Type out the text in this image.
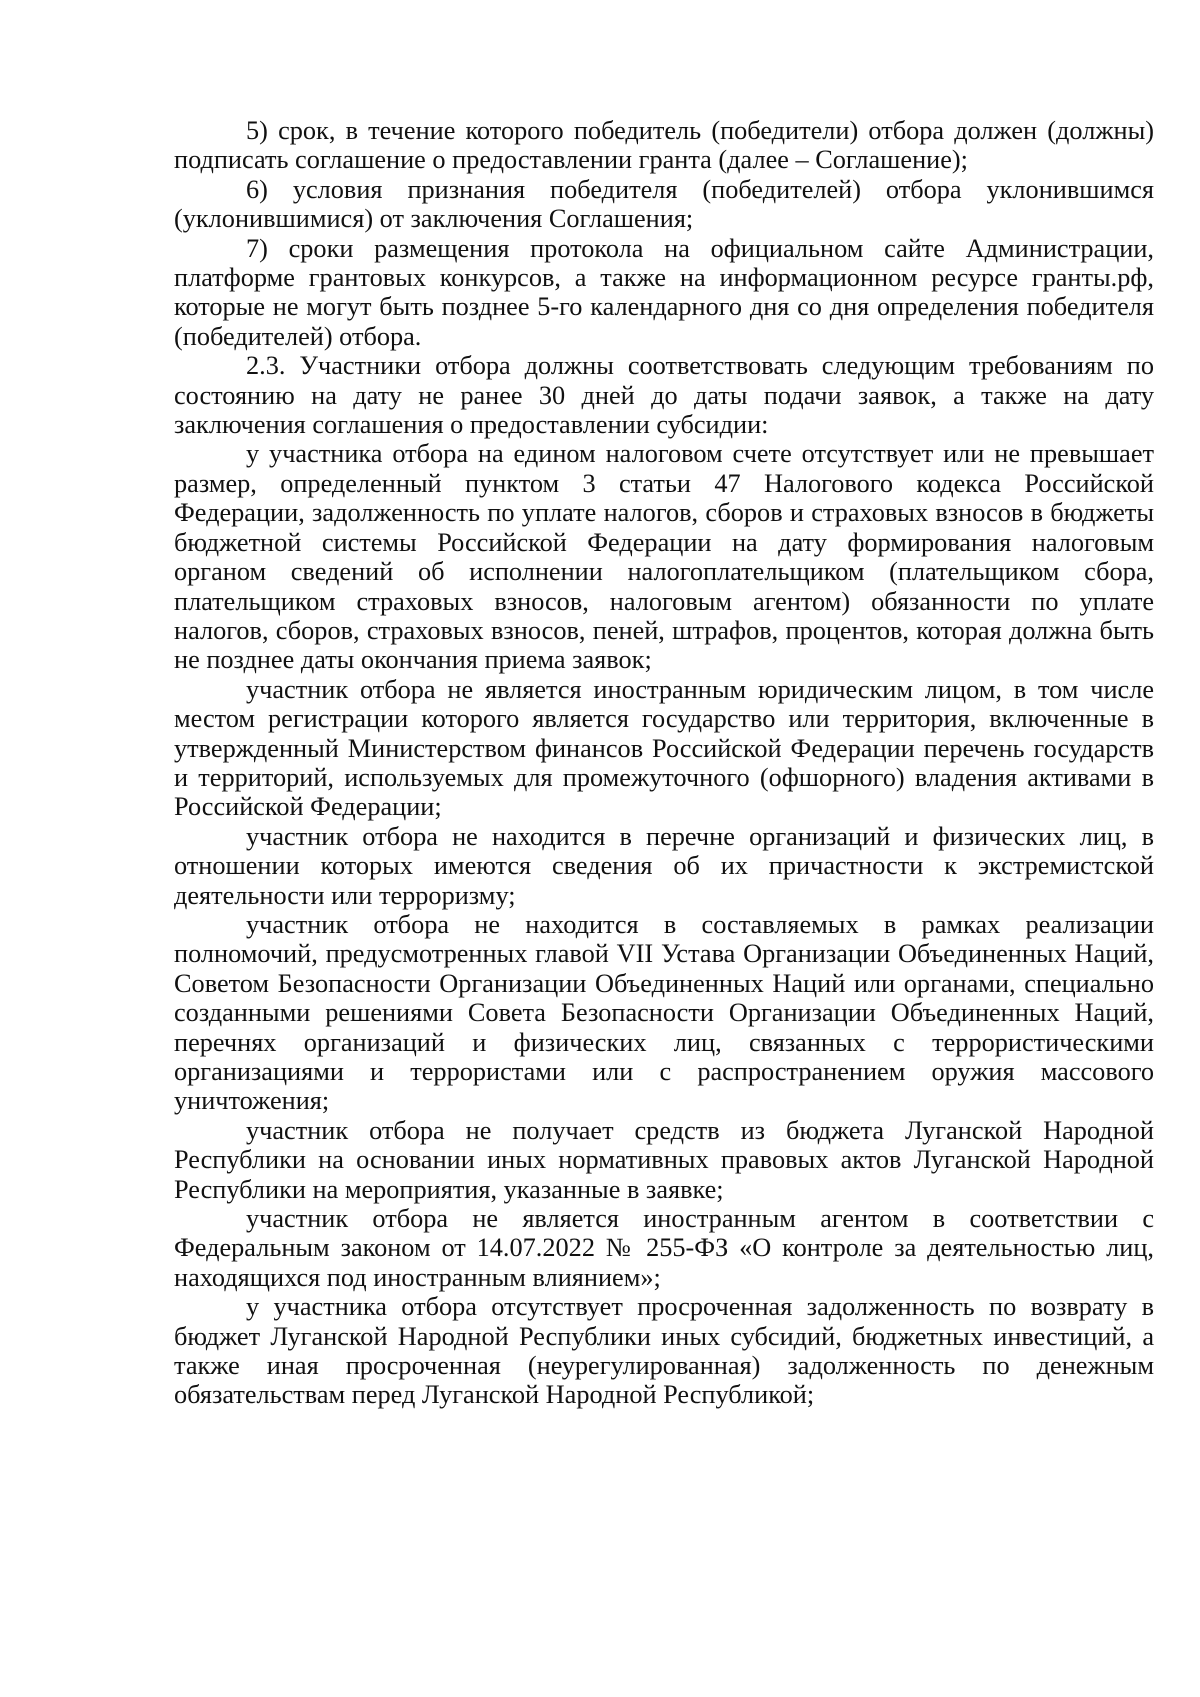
5) срок, в течение которого победитель (победители) отбора должен (должны) подписать соглашение о предоставлении гранта (далее – Соглашение);

6) условия признания победителя (победителей) отбора уклонившимся (уклонившимися) от заключения Соглашения;

7) сроки размещения протокола на официальном сайте Администрации, платформе грантовых конкурсов, а также на информационном ресурсе гранты.рф, которые не могут быть позднее 5-го календарного дня со дня определения победителя (победителей) отбора.

2.3. Участники отбора должны соответствовать следующим требованиям по состоянию на дату не ранее 30 дней до даты подачи заявок, а также на дату заключения соглашения о предоставлении субсидии:

у участника отбора на едином налоговом счете отсутствует или не превышает размер, определенный пунктом 3 статьи 47 Налогового кодекса Российской Федерации, задолженность по уплате налогов, сборов и страховых взносов в бюджеты бюджетной системы Российской Федерации на дату формирования налоговым органом сведений об исполнении налогоплательщиком (плательщиком сбора, плательщиком страховых взносов, налоговым агентом) обязанности по уплате налогов, сборов, страховых взносов, пеней, штрафов, процентов, которая должна быть не позднее даты окончания приема заявок;

участник отбора не является иностранным юридическим лицом, в том числе местом регистрации которого является государство или территория, включенные в утвержденный Министерством финансов Российской Федерации перечень государств и территорий, используемых для промежуточного (офшорного) владения активами в Российской Федерации;

участник отбора не находится в перечне организаций и физических лиц, в отношении которых имеются сведения об их причастности к экстремистской деятельности или терроризму;

участник отбора не находится в составляемых в рамках реализации полномочий, предусмотренных главой VII Устава Организации Объединенных Наций, Советом Безопасности Организации Объединенных Наций или органами, специально созданными решениями Совета Безопасности Организации Объединенных Наций, перечнях организаций и физических лиц, связанных с террористическими организациями и террористами или с распространением оружия массового уничтожения;

участник отбора не получает средств из бюджета Луганской Народной Республики на основании иных нормативных правовых актов Луганской Народной Республики на мероприятия, указанные в заявке;

участник отбора не является иностранным агентом в соответствии с Федеральным законом от 14.07.2022 № 255-ФЗ «О контроле за деятельностью лиц, находящихся под иностранным влиянием»;

у участника отбора отсутствует просроченная задолженность по возврату в бюджет Луганской Народной Республики иных субсидий, бюджетных инвестиций, а также иная просроченная (неурегулированная) задолженность по денежным обязательствам перед Луганской Народной Республикой;
